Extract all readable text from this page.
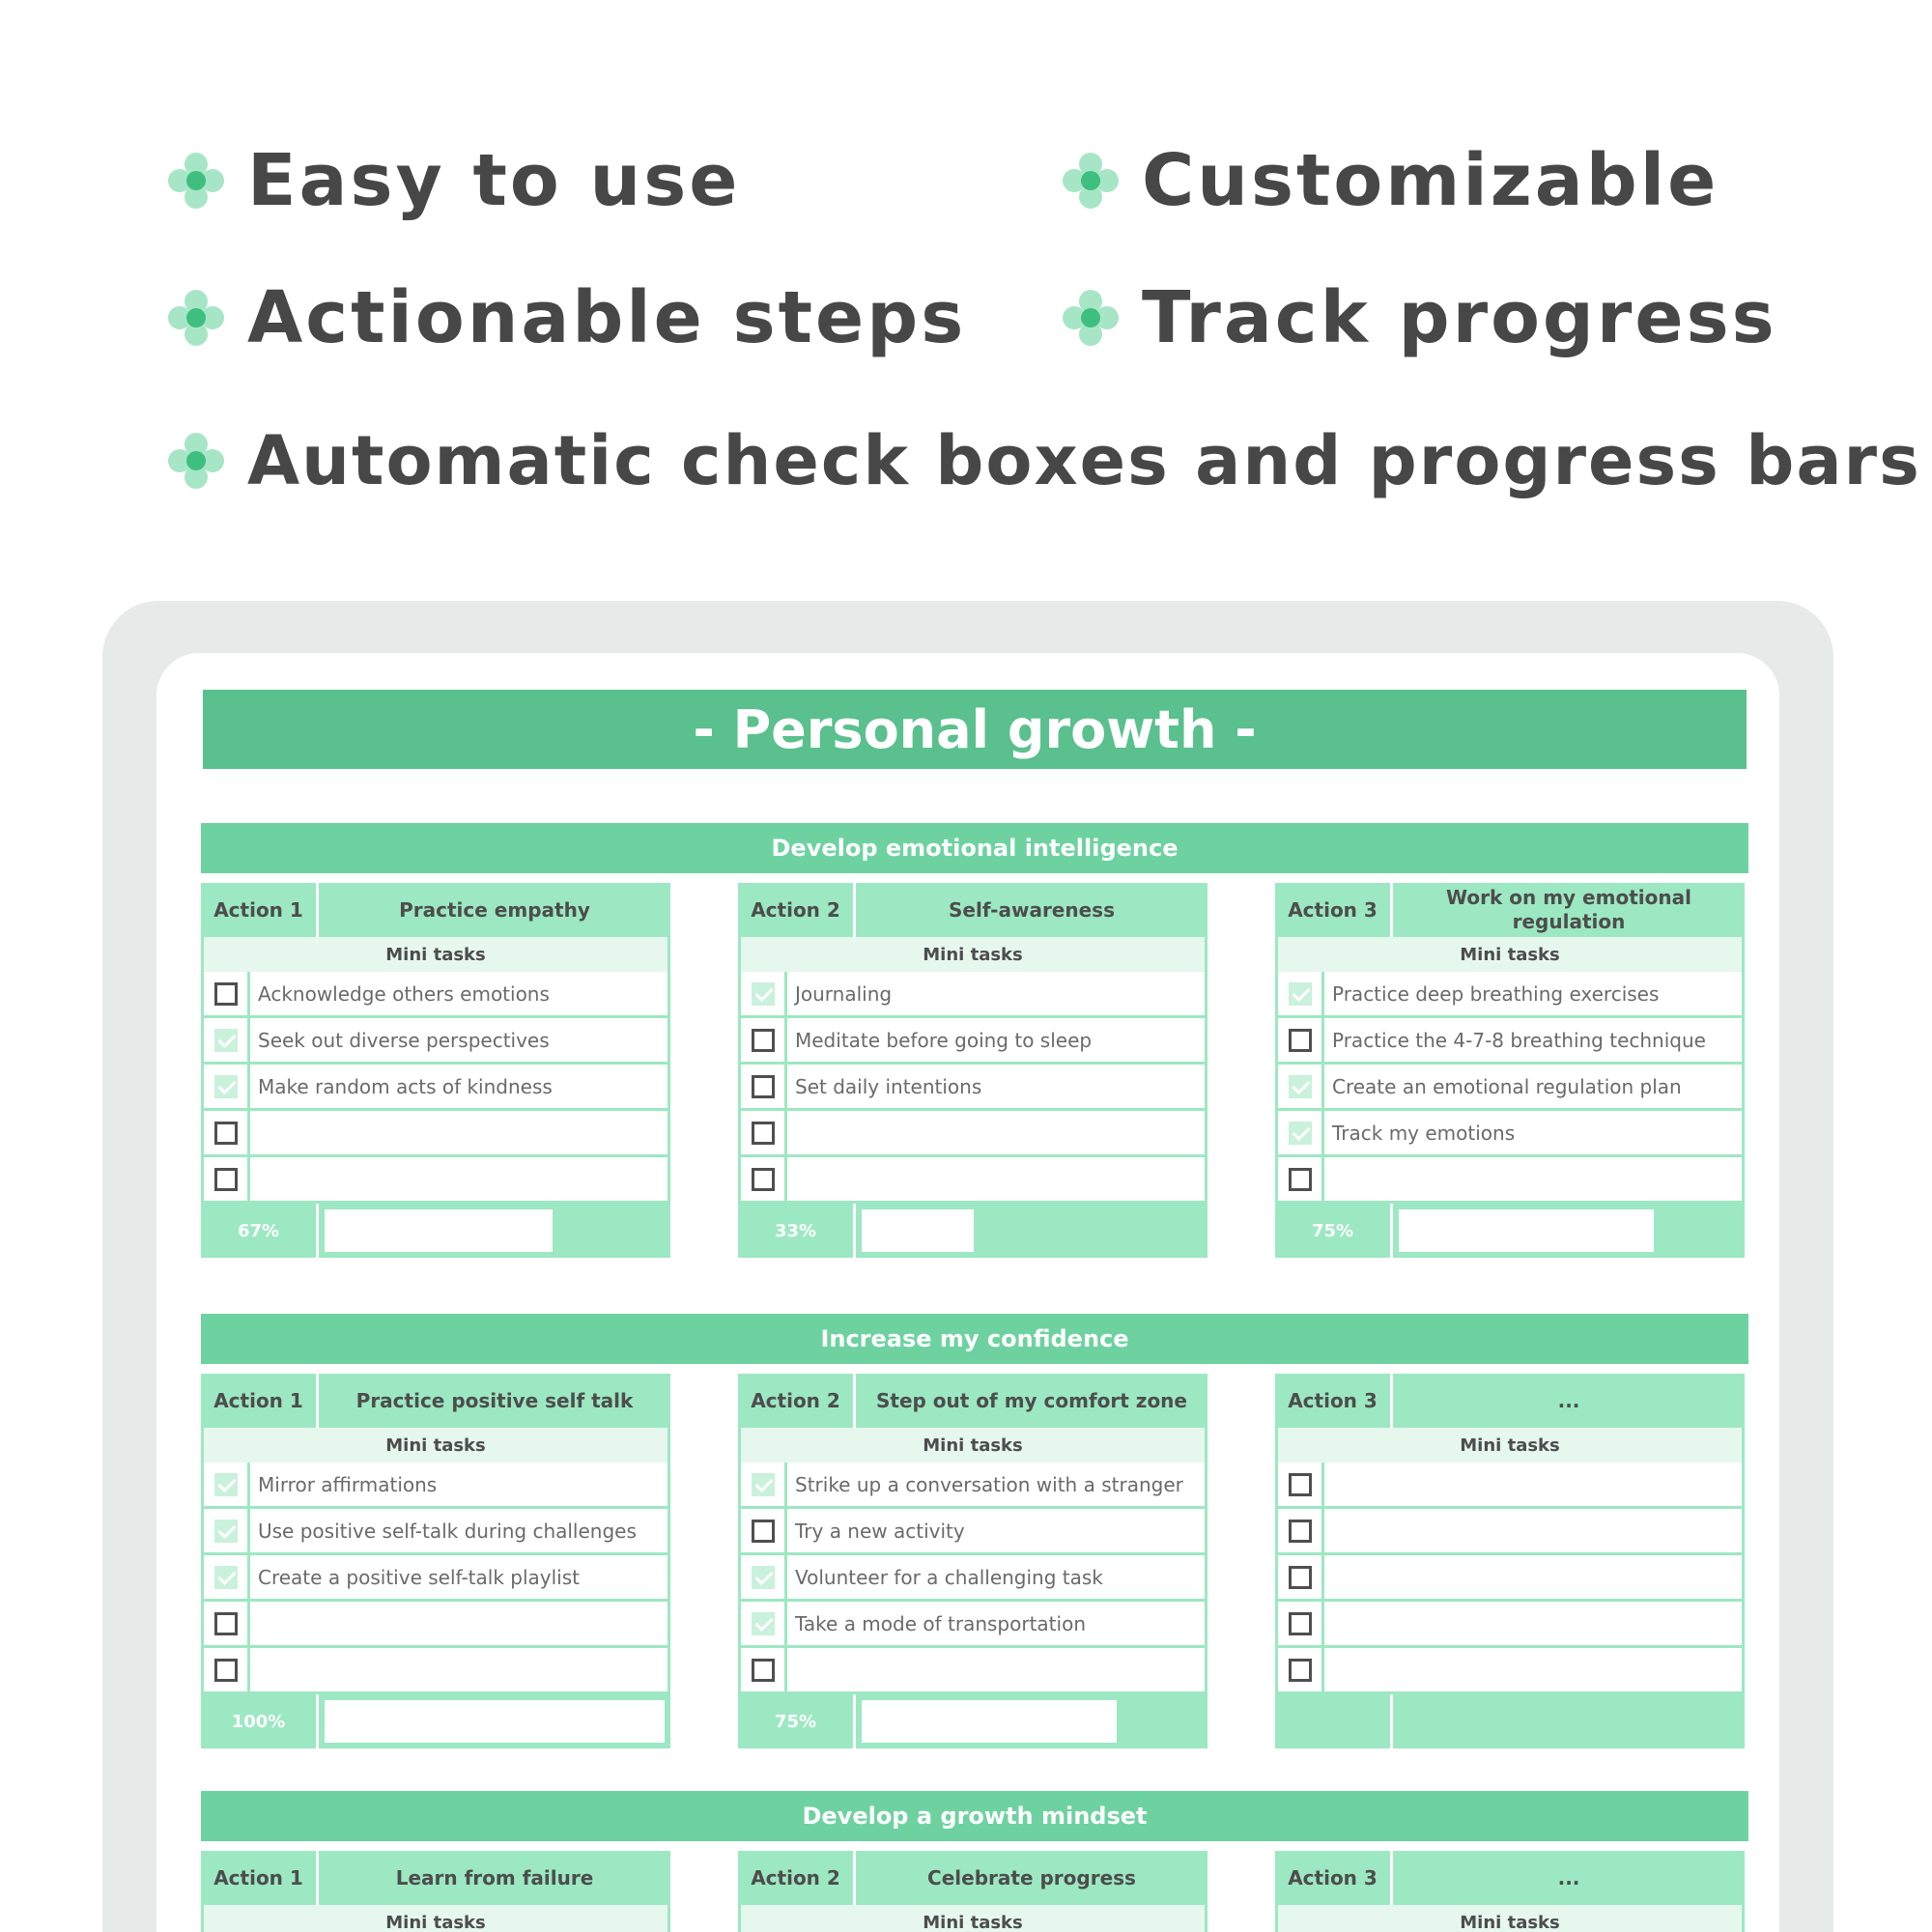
Easy to use	Customizable
Actionable steps Track progress
Automatic check boxes and progress bars
- Personal growth -
Develop emotional intelligence
Action 1	Practice empathy
Mini tasks
Acknowledge others emotions
Seek out diverse perspectives
Make random acts of kindness
67%
Action 2	Self-awareness
Mini tasks
Journaling
Meditate before going to sleep
Set daily intentions
33%
Action 3
Work on my emotional regulation
Mini tasks
Practice deep breathing exercises
Practice the 4-7-8 breathing technique
Create an emotional regulation plan
Track my emotions
75%
Increase my confidence
Action 1	Practice positive self talk
Mini tasks
Mirror affirmations
Use positive self-talk during challenges
Create a positive self-talk playlist
100%
Action 2	Step out of my comfort zone
Mini tasks
Strike up a conversation with a stranger
Try a new activity
Volunteer for a challenging task
Take a mode of transportation
75%
Action 3	...
Mini tasks
Develop a growth mindset
Action 1	Learn from failure
Mini tasks
Action 2	Celebrate progress
Mini tasks
Action 3	...
Mini tasks
